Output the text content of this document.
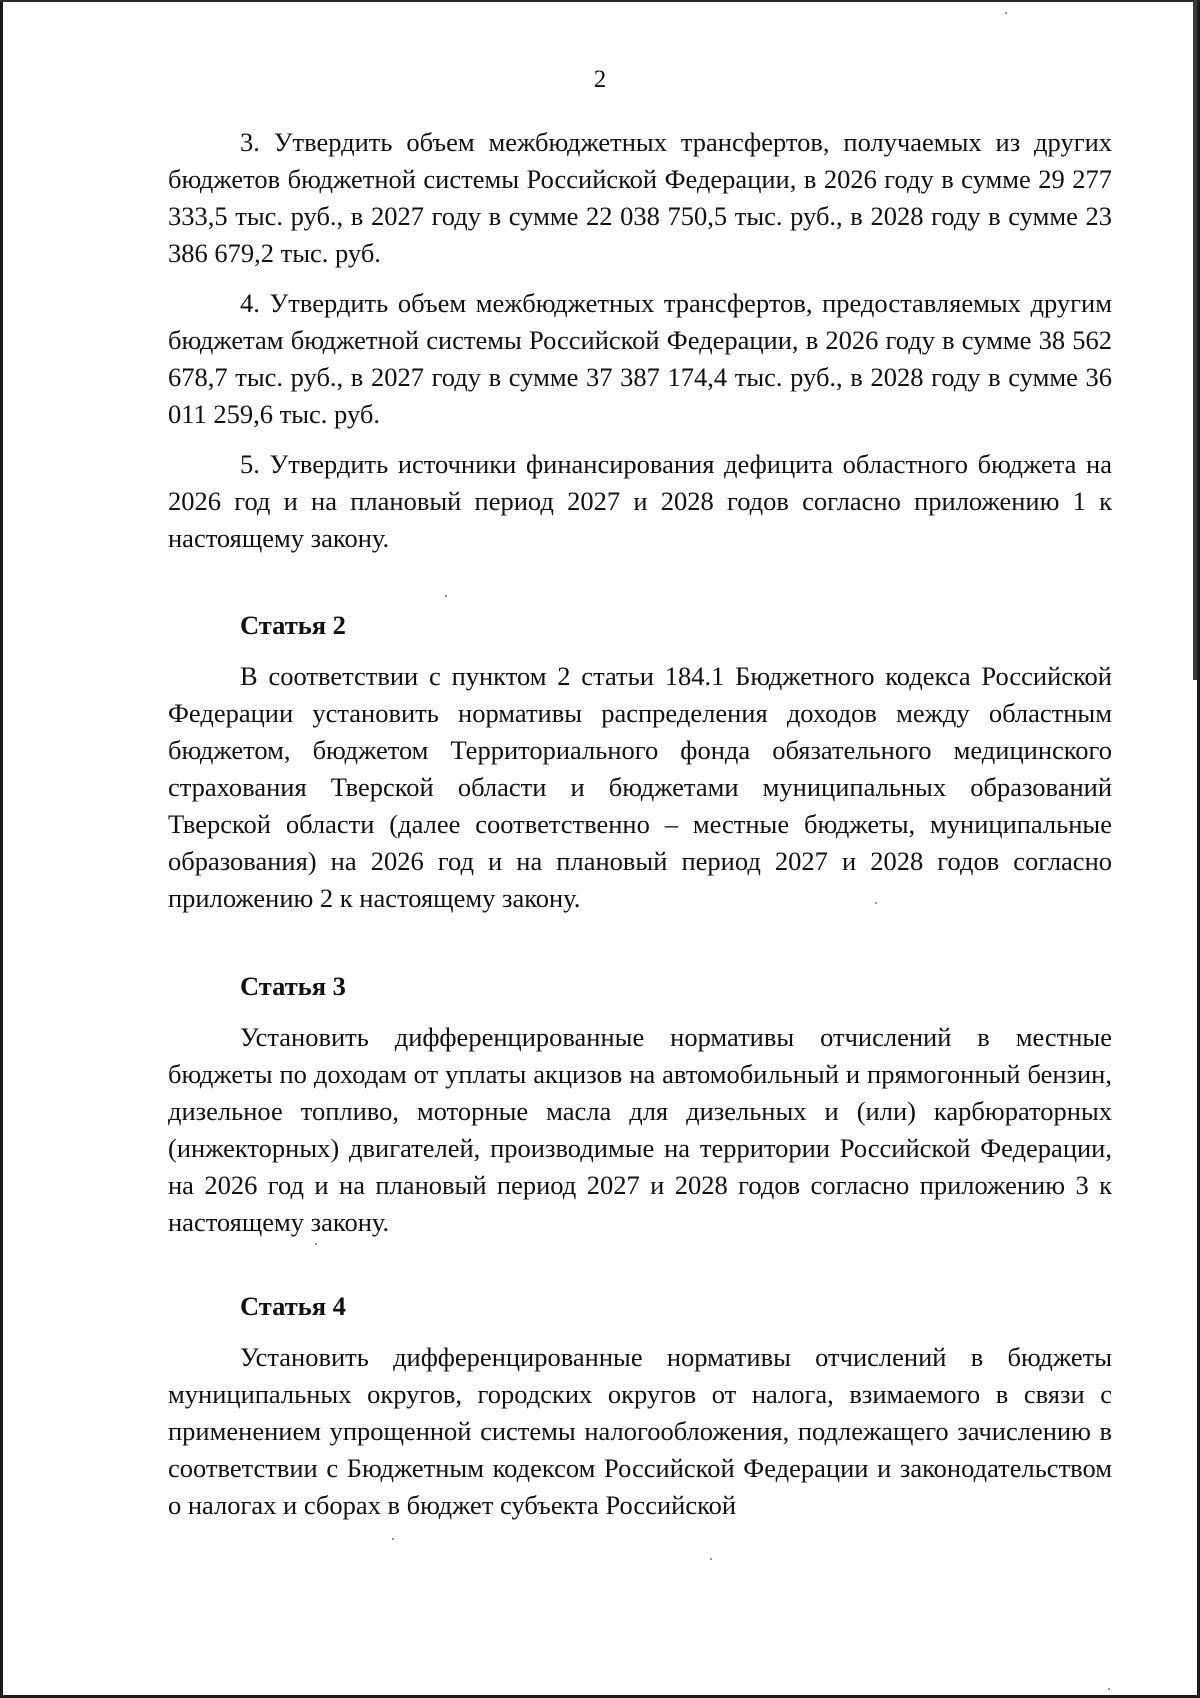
2

3. Утвердить объем межбюджетных трансфертов, получаемых из других бюджетов бюджетной системы Российской Федерации, в 2026 году в сумме 29 277 333,5 тыс. руб., в 2027 году в сумме 22 038 750,5 тыс. руб., в 2028 году в сумме 23 386 679,2 тыс. руб.

4. Утвердить объем межбюджетных трансфертов, предоставляемых другим бюджетам бюджетной системы Российской Федерации, в 2026 году в сумме 38 562 678,7 тыс. руб., в 2027 году в сумме 37 387 174,4 тыс. руб., в 2028 году в сумме 36 011 259,6 тыс. руб.

5. Утвердить источники финансирования дефицита областного бюджета на 2026 год и на плановый период 2027 и 2028 годов согласно приложению 1 к настоящему закону.

Статья 2

В соответствии с пунктом 2 статьи 184.1 Бюджетного кодекса Российской Федерации установить нормативы распределения доходов между областным бюджетом, бюджетом Территориального фонда обязательного медицинского страхования Тверской области и бюджетами муниципальных образований Тверской области (далее соответственно – местные бюджеты, муниципальные образования) на 2026 год и на плановый период 2027 и 2028 годов согласно приложению 2 к настоящему закону.

Статья 3

Установить дифференцированные нормативы отчислений в местные бюджеты по доходам от уплаты акцизов на автомобильный и прямогонный бензин, дизельное топливо, моторные масла для дизельных и (или) карбюраторных (инжекторных) двигателей, производимые на территории Российской Федерации, на 2026 год и на плановый период 2027 и 2028 годов согласно приложению 3 к настоящему закону.

Статья 4

Установить дифференцированные нормативы отчислений в бюджеты муниципальных округов, городских округов от налога, взимаемого в связи с применением упрощенной системы налогообложения, подлежащего зачислению в соответствии с Бюджетным кодексом Российской Федерации и законодательством о налогах и сборах в бюджет субъекта Российской
